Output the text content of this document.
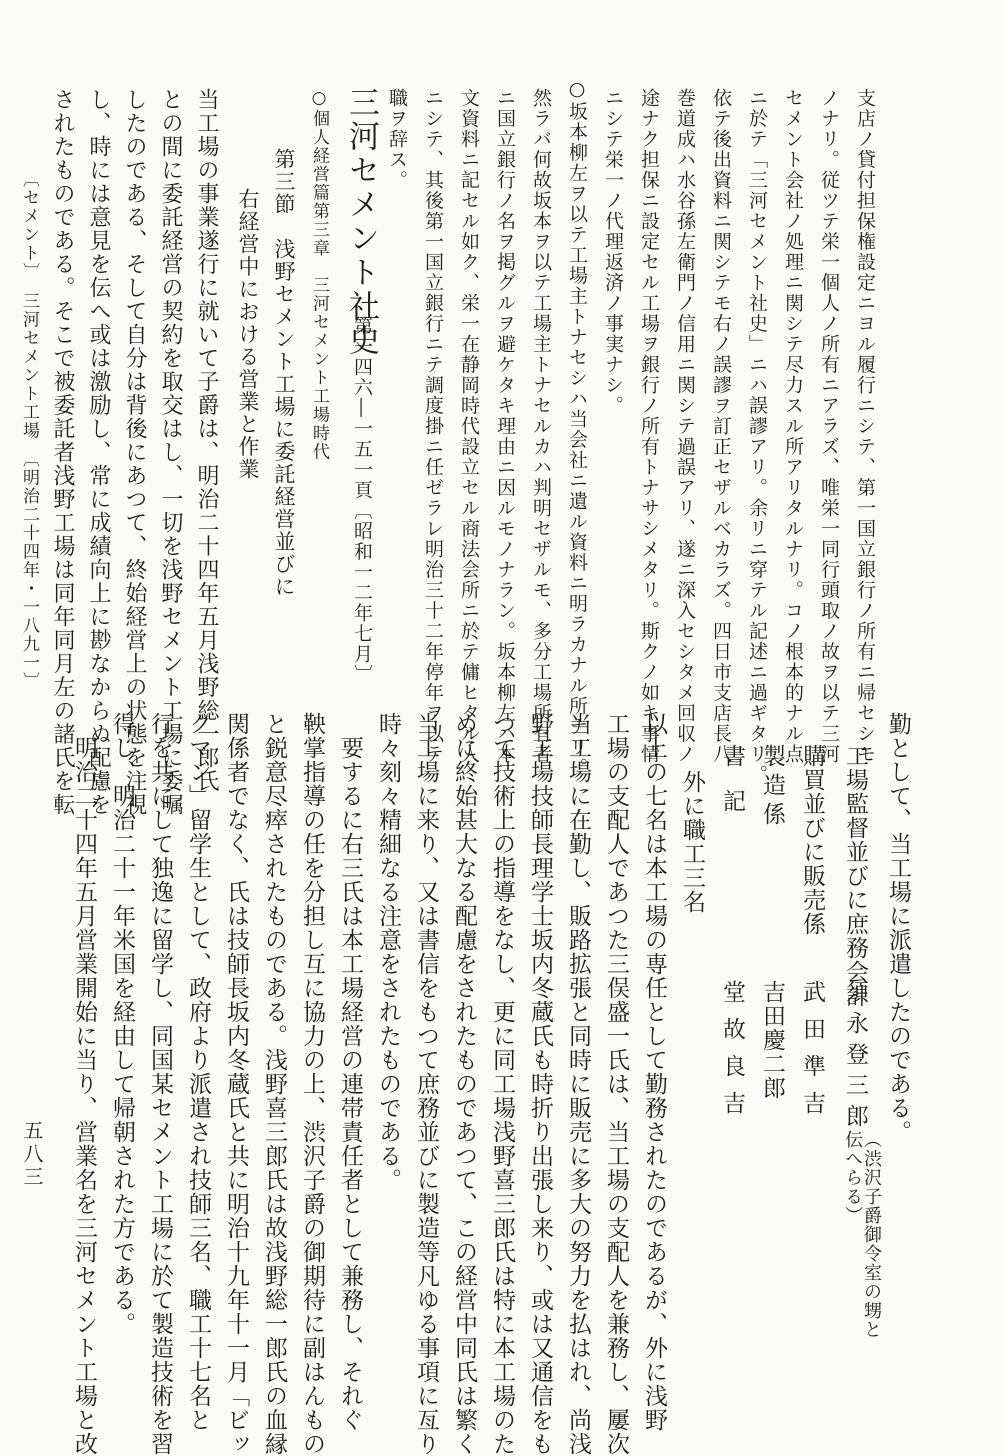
支店ノ貸付担保権設定ニヨル履行ニシテ、第一国立銀行ノ所有ニ帰セシモ
ノナリ。従ツテ栄一個人ノ所有ニアラズ、唯栄一同行頭取ノ故ヲ以テ三河
セメント会社ノ処理ニ関シテ尽力スル所アリタルナリ。コノ根本的ナル点
ニ於テ「三河セメント社史」ニハ誤謬アリ。余リニ穿テル記述ニ過ギタリ。
依テ後出資料ニ関シテモ右ノ誤謬ヲ訂正セザルベカラズ。四日市支店長八
巻道成ハ水谷孫左衛門ノ信用ニ関シテ過誤アリ、遂ニ深入セシタメ回収ノ
途ナク担保ニ設定セル工場ヲ銀行ノ所有トナサシメタリ。斯クノ如キ事情
ニシテ栄一ノ代理返済ノ事実ナシ。
○坂本柳左ヲ以テ工場主トナセシハ当会社ニ遺ル資料ニ明ラカナル所ナリ。
然ラバ何故坂本ヲ以テ工場主トナセルカハ判明セザルモ、多分工場所有者
ニ国立銀行ノ名ヲ掲グルヲ避ケタキ理由ニ因ルモノナラン。坂本柳左ハ本
文資料ニ記セル如ク、栄一在静岡時代設立セル商法会所ニ於テ傭ヒタル人
ニシテ、其後第一国立銀行ニテ調度掛ニ任ゼラレ明治三十二年停年ヲ以テ
職ヲ辞ス。
三河セメント社史
第一四六―一五一頁〔昭和一二年七月〕
○個人経営篇第三章　三河セメント工場時代
第三節　浅野セメント工場に委託経営並びに
右経営中における営業と作業
当工場の事業遂行に就いて子爵は、明治二十四年五月浅野総一郎氏
との間に委託経営の契約を取交はし、一切を浅野セメント工場に委嘱
したのである、そして自分は背後にあつて、終始経営上の状態を注視
し、時には意見を伝へ或は激励し、常に成績向上に尠なからぬ配慮を
されたものである。そこで被委託者浅野工場は同年同月左の諸氏を転
〔セメント〕
三河セメント工場　〔明治二十四年・一八九一〕
勤として、当工場に派遣したのである。
工場監督並びに庶務会計
須永登三郎
（渋沢子爵御令室の甥と伝へらる）
購買並びに販売係
武田準吉
製造係
吉田慶二郎
書記
堂故良吉
外に職工三名
以上の七名は本工場の専任として勤務されたのであるが、外に浅野
工場の支配人であつた三俣盛一氏は、当工場の支配人を兼務し、屢次
当工場に在勤し、販路拡張と同時に販売に多大の努力を払はれ、尚浅
野工場技師長理学士坂内冬蔵氏も時折り出張し来り、或は又通信をも
つて技術上の指導をなし、更に同工場浅野喜三郎氏は特に本工場のた
めに終始甚大なる配慮をされたものであつて、この経営中同氏は繁く
当工場に来り、又は書信をもつて庶務並びに製造等凡ゆる事項に亙り
時々刻々精細なる注意をされたものである。
要するに右三氏は本工場経営の連帯責任者として兼務し、それぐ
鞅掌指導の任を分担し互に協力の上、渋沢子爵の御期待に副はんもの
と鋭意尽瘁されたものである。浅野喜三郎氏は故浅野総一郎氏の血縁
関係者でなく、氏は技師長坂内冬蔵氏と共に明治十九年十一月「ビッ
クマン」留学生として、政府より派遣され技師三名、職工十七名と
行を共にして独逸に留学し、同国某セメント工場に於て製造技術を習
得し、明治二十一年米国を経由して帰朝された方である。
明治二十四年五月営業開始に当り、営業名を三河セメント工場と改
五八三
